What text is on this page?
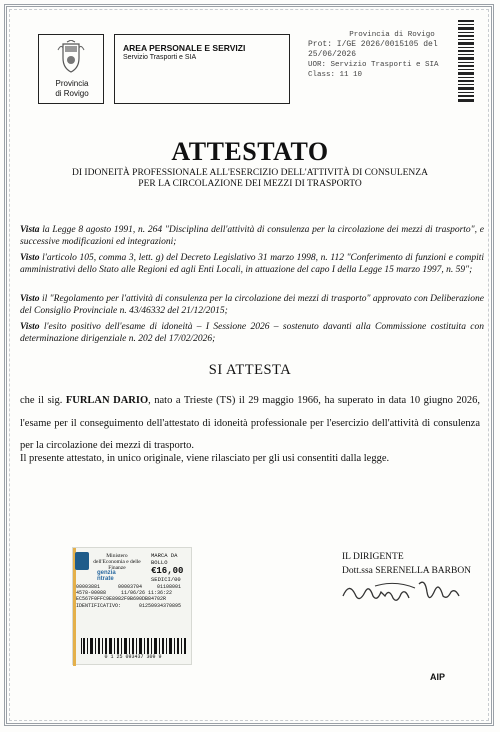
Provincia
di Rovigo
AREA PERSONALE E SERVIZI
Servizio Trasporti e SIA
Provincia di Rovigo
Prot: I/GE 2026/0015105 del 25/06/2026
UOR: Servizio Trasporti e SIA
Class: 11 10
ATTESTATO
DI IDONEITÀ PROFESSIONALE ALL'ESERCIZIO DELL'ATTIVITÀ DI CONSULENZA
PER LA CIRCOLAZIONE DEI MEZZI DI TRASPORTO

Vista la Legge 8 agosto 1991, n. 264 "Disciplina dell'attività di consulenza per la circolazione dei mezzi di trasporto", e successive modificazioni ed integrazioni;

Visto l'articolo 105, comma 3, lett. g) del Decreto Legislativo 31 marzo 1998, n. 112 "Conferimento di funzioni e compiti amministrativi dello Stato alle Regioni ed agli Enti Locali, in attuazione del capo I della Legge 15 marzo 1997, n. 59";

Visto il "Regolamento per l'attività di consulenza per la circolazione dei mezzi di trasporto" approvato con Deliberazione del Consiglio Provinciale n. 43/46332 del 21/12/2015;

Visto l'esito positivo dell'esame di idoneità – I Sessione 2026 – sostenuto davanti alla Commissione costituita con determinazione dirigenziale n. 202 del 17/02/2026;

SI ATTESTA

che il sig. FURLAN DARIO, nato a Trieste (TS) il 29 maggio 1966, ha superato in data 10 giugno 2026, l'esame per il conseguimento dell'attestato di idoneità professionale per l'esercizio dell'attività di consulenza per la circolazione dei mezzi di trasporto.

Il presente attestato, in unico originale, viene rilasciato per gli usi consentiti dalla legge.

Ministero dell'Economia e delle Finanze
genzia
ntrate
MARCA DA BOLLO
€16,00
SEDICI/00
00003881      00003704     01108001
4578-00088     11/06/26 11:36:22
EC567F0FFC9E8982F9B690DB84702R
IDENTIFICATIVO:      01250934370895
0 1 25 093437 309 9
IL DIRIGENTE
Dott.ssa SERENELLA BARBON
AIP
